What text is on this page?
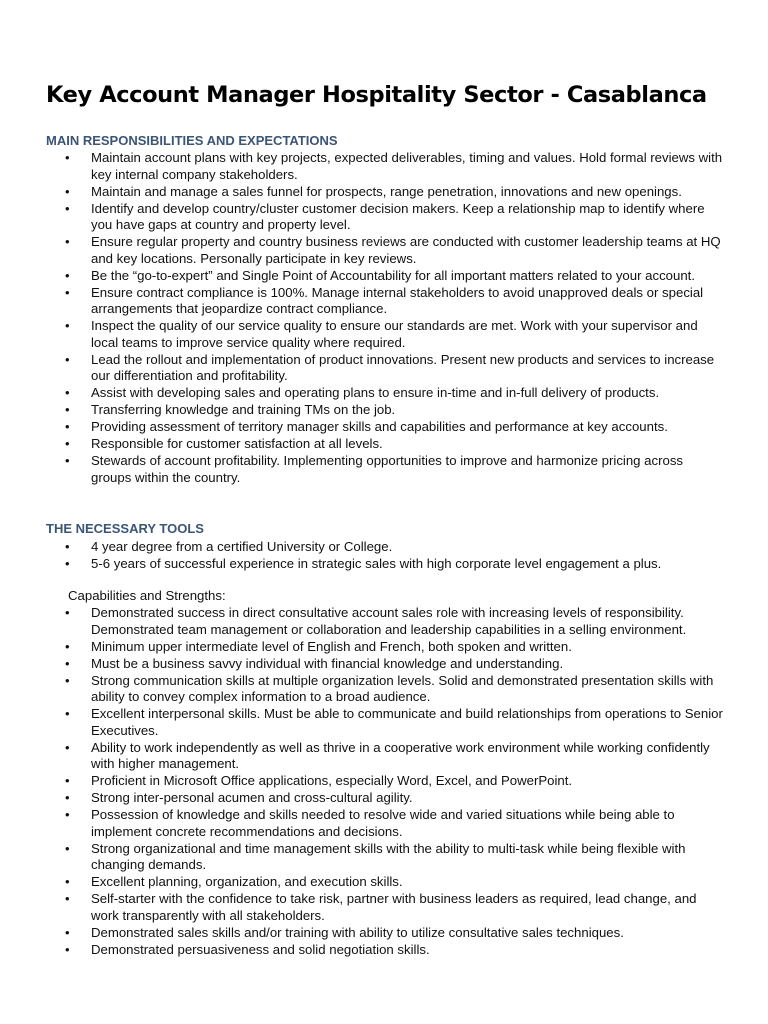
Key Account Manager Hospitality Sector - Casablanca
MAIN RESPONSIBILITIES AND EXPECTATIONS
• Maintain account plans with key projects, expected deliverables, timing and values. Hold formal reviews with key internal company stakeholders.
• Maintain and manage a sales funnel for prospects, range penetration, innovations and new openings.
• Identify and develop country/cluster customer decision makers. Keep a relationship map to identify where you have gaps at country and property level.
• Ensure regular property and country business reviews are conducted with customer leadership teams at HQ and key locations. Personally participate in key reviews.
• Be the “go-to-expert” and Single Point of Accountability for all important matters related to your account.
• Ensure contract compliance is 100%. Manage internal stakeholders to avoid unapproved deals or special arrangements that jeopardize contract compliance.
• Inspect the quality of our service quality to ensure our standards are met. Work with your supervisor and local teams to improve service quality where required.
• Lead the rollout and implementation of product innovations. Present new products and services to increase our differentiation and profitability.
• Assist with developing sales and operating plans to ensure in-time and in-full delivery of products.
• Transferring knowledge and training TMs on the job.
• Providing assessment of territory manager skills and capabilities and performance at key accounts.
• Responsible for customer satisfaction at all levels.
• Stewards of account profitability. Implementing opportunities to improve and harmonize pricing across groups within the country.
THE NECESSARY TOOLS
• 4 year degree from a certified University or College.
• 5-6 years of successful experience in strategic sales with high corporate level engagement a plus.

Capabilities and Strengths:

• Demonstrated success in direct consultative account sales role with increasing levels of responsibility. Demonstrated team management or collaboration and leadership capabilities in a selling environment.
• Minimum upper intermediate level of English and French, both spoken and written.
• Must be a business savvy individual with financial knowledge and understanding.
• Strong communication skills at multiple organization levels. Solid and demonstrated presentation skills with ability to convey complex information to a broad audience.
• Excellent interpersonal skills. Must be able to communicate and build relationships from operations to Senior Executives.
• Ability to work independently as well as thrive in a cooperative work environment while working confidently with higher management.
• Proficient in Microsoft Office applications, especially Word, Excel, and PowerPoint.
• Strong inter-personal acumen and cross-cultural agility.
• Possession of knowledge and skills needed to resolve wide and varied situations while being able to implement concrete recommendations and decisions.
• Strong organizational and time management skills with the ability to multi-task while being flexible with changing demands.
• Excellent planning, organization, and execution skills.
• Self-starter with the confidence to take risk, partner with business leaders as required, lead change, and work transparently with all stakeholders.
• Demonstrated sales skills and/or training with ability to utilize consultative sales techniques.
• Demonstrated persuasiveness and solid negotiation skills.
